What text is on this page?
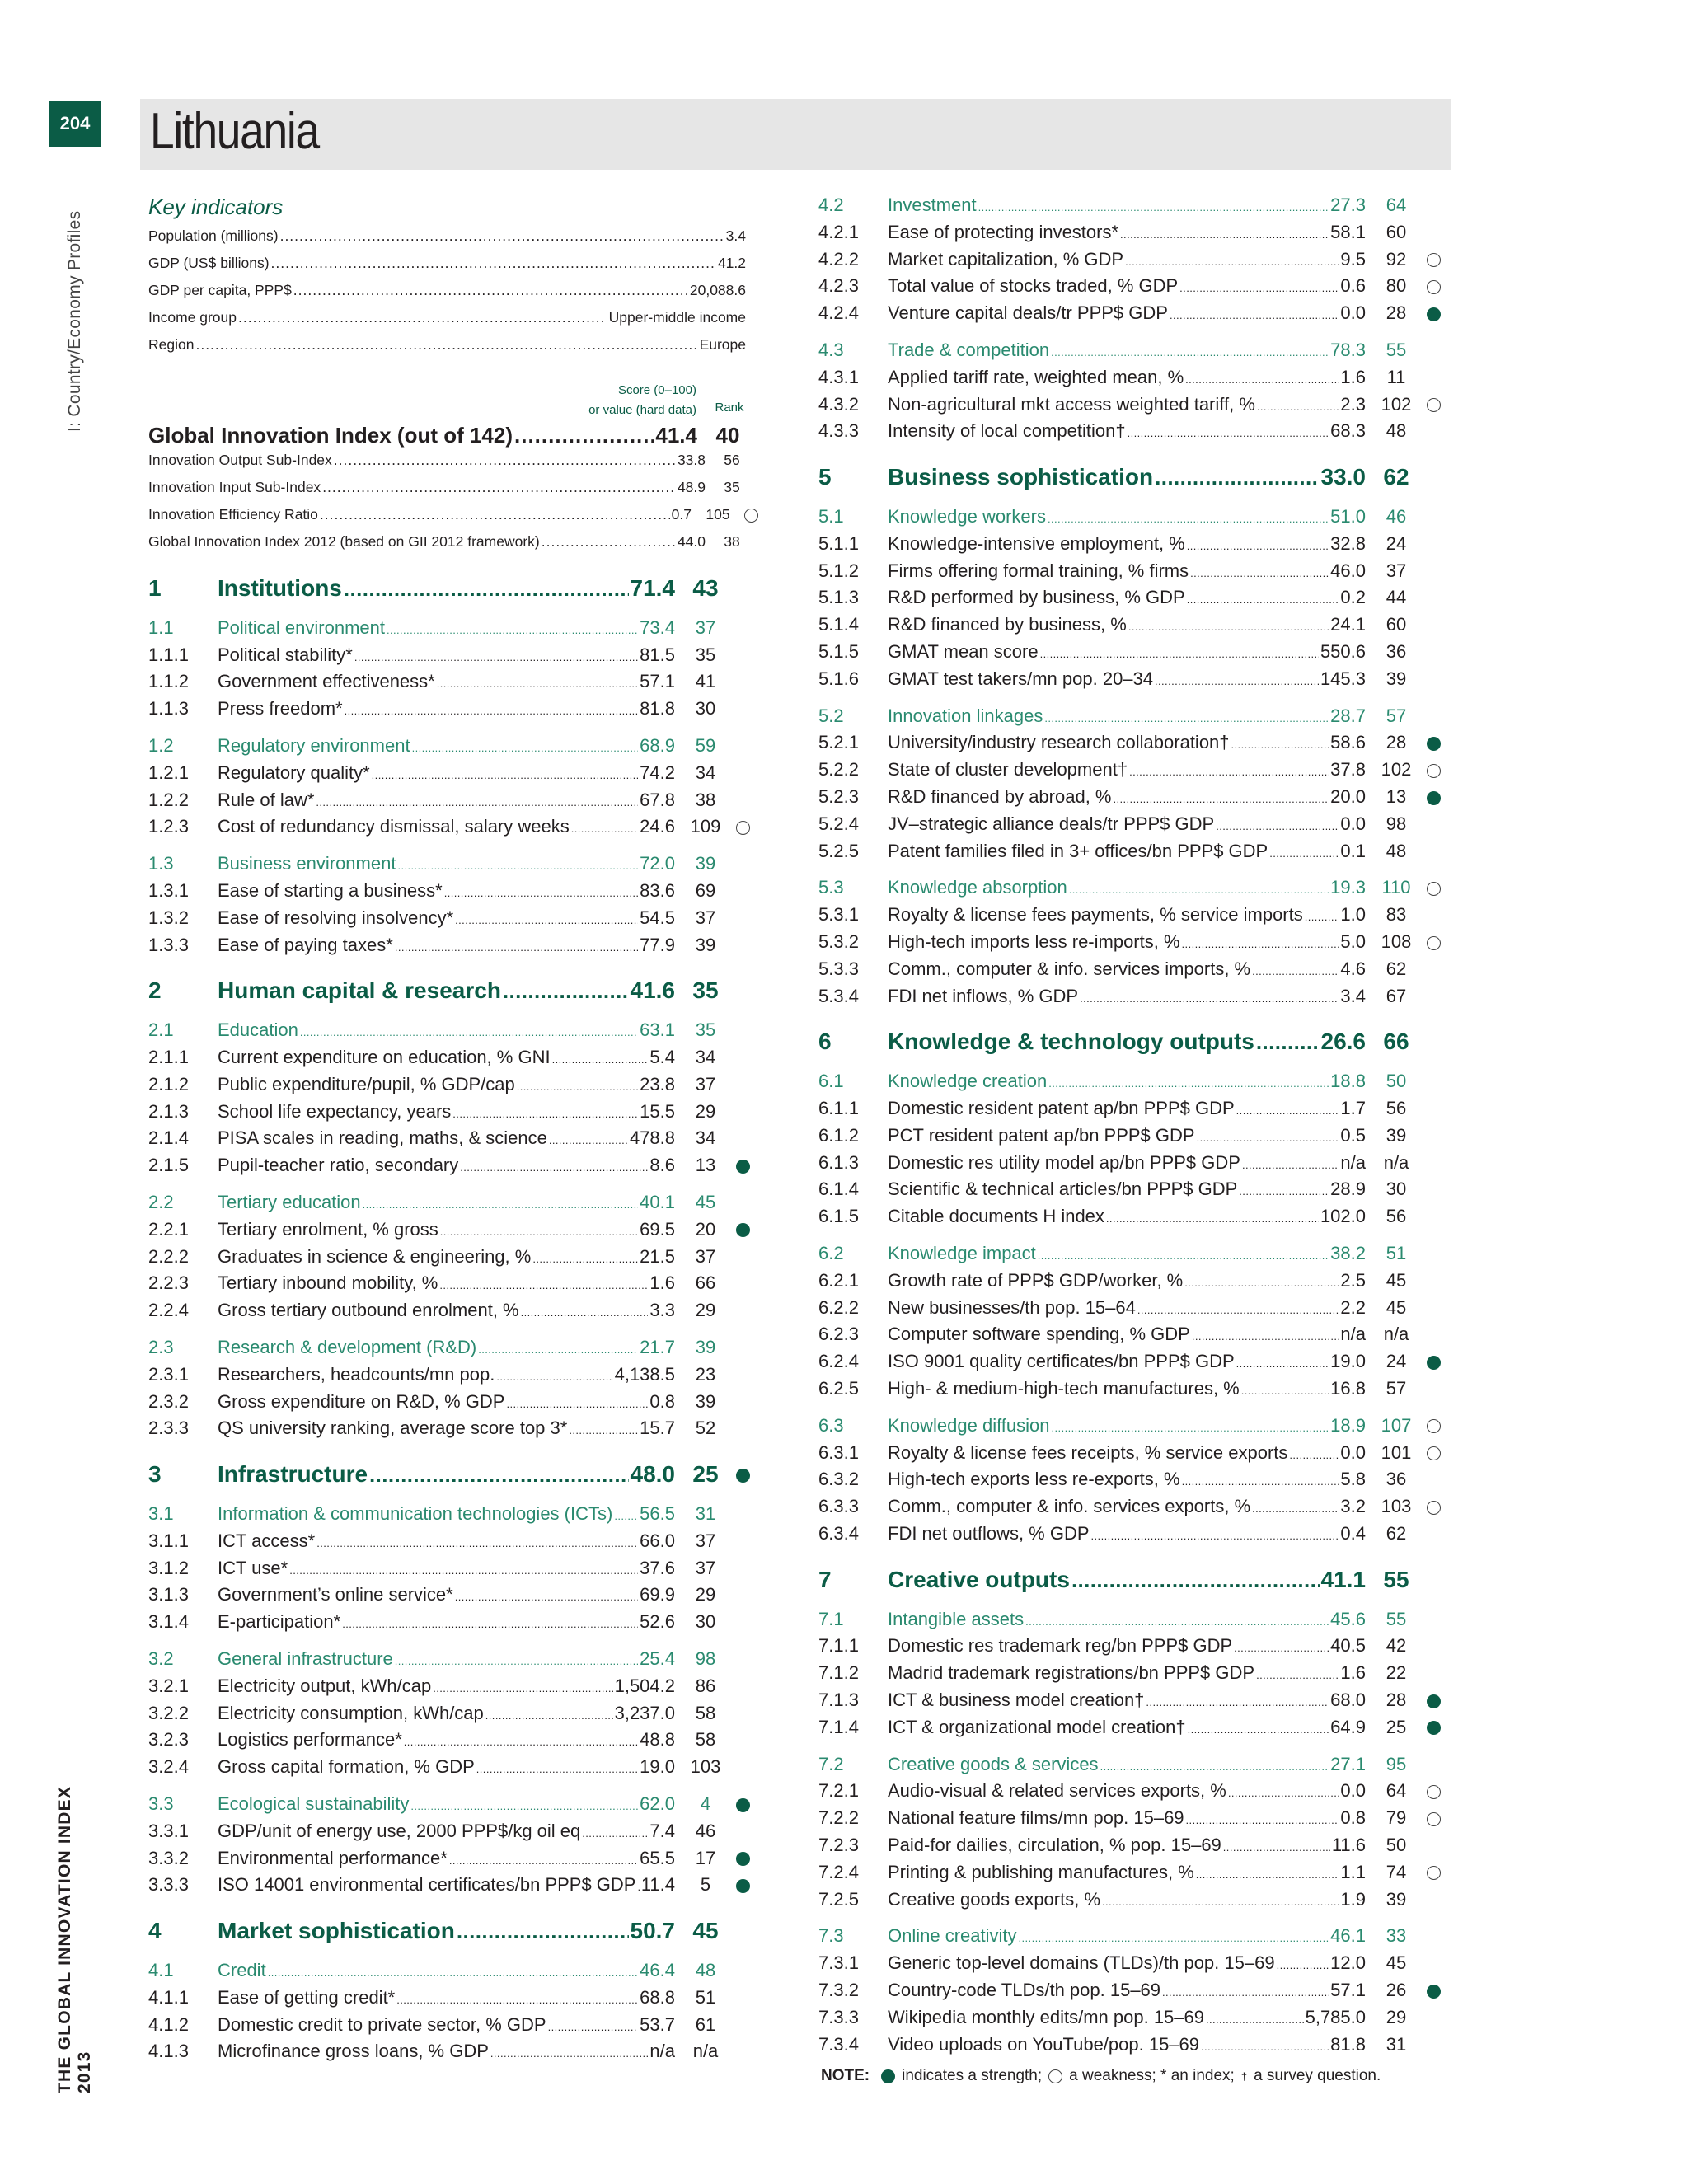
204
I: Country/Economy Profiles
THE GLOBAL INNOVATION INDEX 2013
Lithuania
Key indicators
Population (millions) .....	3.4
GDP (US$ billions) .....	41.2
GDP per capita, PPP$ .....	20,088.6
Income group .....	Upper-middle income
Region .....	Europe
Score (0–100)
or value (hard data)	Rank
Global Innovation Index (out of 142) .....	41.4 40
Innovation Output Sub-Index .....	33.8	56
Innovation Input Sub-Index .....	48.9	35
Innovation Efficiency Ratio .....	0.7 105
Global Innovation Index 2012 (based on GII 2012 framework) .....	44.0	38
1	Institutions .....	71.4 43
1.1	Political environment .....	73.4	37
1.1.1	Political stability* .....	81.5	35
1.1.2	Government effectiveness* .....	57.1	41
1.1.3	Press freedom* .....	81.8	30
1.2	Regulatory environment .....	68.9	59
1.2.1	Regulatory quality* .....	74.2	34
1.2.2	Rule of law* .....	67.8	38
1.2.3	Cost of redundancy dismissal, salary weeks .....	24.6 109
1.3	Business environment .....	72.0	39
1.3.1	Ease of starting a business* .....	83.6	69
1.3.2	Ease of resolving insolvency* .....	54.5	37
1.3.3	Ease of paying taxes* .....	77.9	39
2	Human capital & research .....	41.6 35
2.1	Education .....	63.1	35
2.1.1	Current expenditure on education, % GNI .....	5.4	34
2.1.2	Public expenditure/pupil, % GDP/cap .....	23.8	37
2.1.3	School life expectancy, years .....	15.5	29
2.1.4	PISA scales in reading, maths, & science .....	478.8	34
2.1.5	Pupil-teacher ratio, secondary .....	8.6	13
2.2	Tertiary education .....	40.1	45
2.2.1	Tertiary enrolment, % gross .....	69.5	20
2.2.2	Graduates in science & engineering, % .....	21.5	37
2.2.3	Tertiary inbound mobility, % .....	1.6	66
2.2.4	Gross tertiary outbound enrolment, % .....	3.3	29
2.3	Research & development (R&D) .....	21.7	39
2.3.1	Researchers, headcounts/mn pop. .....	4,138.5	23
2.3.2	Gross expenditure on R&D, % GDP .....	0.8	39
2.3.3	QS university ranking, average score top 3* .....	15.7	52
3	Infrastructure .....	48.0 25
3.1	Information & communication technologies (ICTs) ..... 56.5	31
3.1.1	ICT access* .....	66.0	37
3.1.2	ICT use* .....	37.6	37
3.1.3	Government’s online service* .....	69.9	29
3.1.4	E-participation* .....	52.6	30
3.2	General infrastructure .....	25.4	98
3.2.1	Electricity output, kWh/cap .....	1,504.2	86
3.2.2	Electricity consumption, kWh/cap .....	3,237.0	58
3.2.3	Logistics performance* .....	48.8	58
3.2.4	Gross capital formation, % GDP .....	19.0 103
3.3	Ecological sustainability .....	62.0	4
3.3.1	GDP/unit of energy use, 2000 PPP$/kg oil eq .....	7.4	46
3.3.2	Environmental performance* .....	65.5	17
3.3.3	ISO 14001 environmental certificates/bn PPP$ GDP ..... 11.4	5
4	Market sophistication .....	50.7 45
4.1	Credit .....	46.4	48
4.1.1	Ease of getting credit* .....	68.8	51
4.1.2	Domestic credit to private sector, % GDP .....	53.7	61
4.1.3	Microfinance gross loans, % GDP .....	n/a n/a
4.2	Investment .....	27.3	64
4.2.1	Ease of protecting investors* .....	58.1	60
4.2.2	Market capitalization, % GDP .....	9.5	92
4.2.3	Total value of stocks traded, % GDP .....	0.6	80
4.2.4	Venture capital deals/tr PPP$ GDP .....	0.0	28
4.3	Trade & competition .....	78.3	55
4.3.1	Applied tariff rate, weighted mean, % .....	1.6	11
4.3.2	Non-agricultural mkt access weighted tariff, % .....	2.3 102
4.3.3	Intensity of local competition† .....	68.3	48
5	Business sophistication .....	33.0 62
5.1	Knowledge workers .....	51.0	46
5.1.1	Knowledge-intensive employment, % .....	32.8	24
5.1.2	Firms offering formal training, % firms .....	46.0	37
5.1.3	R&D performed by business, % GDP .....	0.2	44
5.1.4	R&D financed by business, % .....	24.1	60
5.1.5	GMAT mean score .....	550.6	36
5.1.6	GMAT test takers/mn pop. 20–34 .....	145.3	39
5.2	Innovation linkages .....	28.7	57
5.2.1	University/industry research collaboration† .....	58.6	28
5.2.2	State of cluster development† .....	37.8 102
5.2.3	R&D financed by abroad, % .....	20.0	13
5.2.4	JV–strategic alliance deals/tr PPP$ GDP .....	0.0	98
5.2.5	Patent families filed in 3+ offices/bn PPP$ GDP .....	0.1	48
5.3	Knowledge absorption .....	19.3 110
5.3.1	Royalty & license fees payments, % service imports ..... 1.0	83
5.3.2	High-tech imports less re-imports, % .....	5.0 108
5.3.3	Comm., computer & info. services imports, % .....	4.6	62
5.3.4	FDI net inflows, % GDP .....	3.4	67
6	Knowledge & technology outputs .....	26.6 66
6.1	Knowledge creation .....	18.8	50
6.1.1	Domestic resident patent ap/bn PPP$ GDP .....	1.7	56
6.1.2	PCT resident patent ap/bn PPP$ GDP .....	0.5	39
6.1.3	Domestic res utility model ap/bn PPP$ GDP .....	n/a n/a
6.1.4	Scientific & technical articles/bn PPP$ GDP .....	28.9	30
6.1.5	Citable documents H index .....	102.0	56
6.2	Knowledge impact .....	38.2	51
6.2.1	Growth rate of PPP$ GDP/worker, % .....	2.5	45
6.2.2	New businesses/th pop. 15–64 .....	2.2	45
6.2.3	Computer software spending, % GDP .....	n/a n/a
6.2.4	ISO 9001 quality certificates/bn PPP$ GDP .....	19.0	24
6.2.5	High- & medium-high-tech manufactures, % .....	16.8	57
6.3	Knowledge diffusion .....	18.9 107
6.3.1	Royalty & license fees receipts, % service exports .....	0.0 101
6.3.2	High-tech exports less re-exports, % .....	5.8	36
6.3.3	Comm., computer & info. services exports, % .....	3.2 103
6.3.4	FDI net outflows, % GDP .....	0.4	62
7	Creative outputs .....	41.1 55
7.1	Intangible assets .....	45.6	55
7.1.1	Domestic res trademark reg/bn PPP$ GDP .....	40.5	42
7.1.2	Madrid trademark registrations/bn PPP$ GDP .....	1.6	22
7.1.3	ICT & business model creation† .....	68.0	28
7.1.4	ICT & organizational model creation† .....	64.9	25
7.2	Creative goods & services .....	27.1	95
7.2.1	Audio-visual & related services exports, % .....	0.0	64
7.2.2	National feature films/mn pop. 15–69 .....	0.8	79
7.2.3	Paid-for dailies, circulation, % pop. 15–69 .....	11.6	50
7.2.4	Printing & publishing manufactures, % .....	1.1	74
7.2.5	Creative goods exports, % .....	1.9	39
7.3	Online creativity .....	46.1	33
7.3.1	Generic top-level domains (TLDs)/th pop. 15–69 .....	12.0	45
7.3.2	Country-code TLDs/th pop. 15–69 .....	57.1	26
7.3.3	Wikipedia monthly edits/mn pop. 15–69 .....	5,785.0	29
7.3.4	Video uploads on YouTube/pop. 15–69 .....	81.8	31
NOTE: indicates a strength; a weakness; * an index; † a survey question.
